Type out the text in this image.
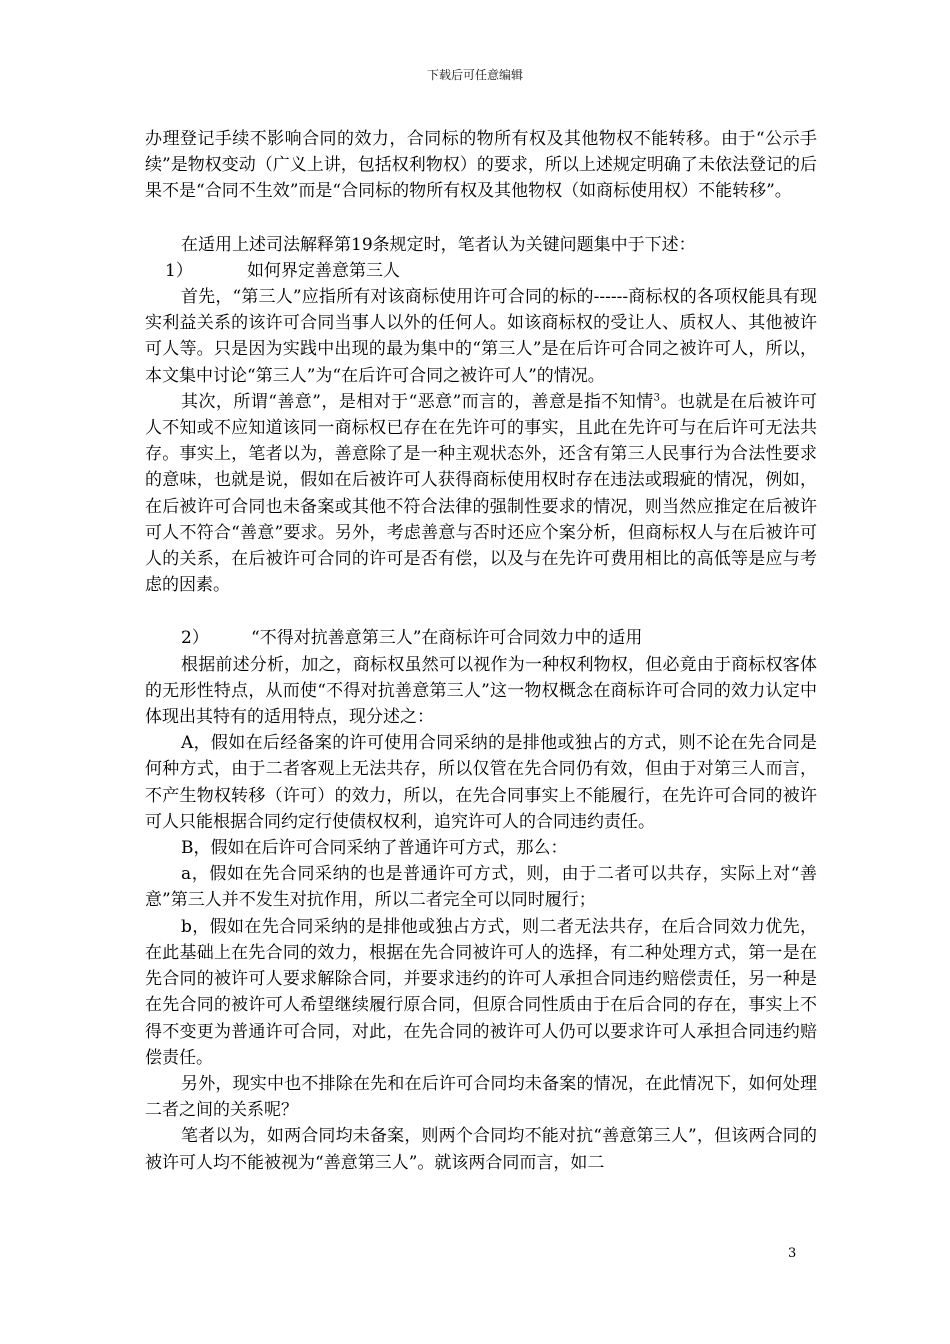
下载后可任意编辑

办理登记手续不影响合同的效力，合同标的物所有权及其他物权不能转移。由于“公示手续”是物权变动（广义上讲，包括权利物权）的要求，所以上述规定明确了未依法登记的后果不是“合同不生效”而是“合同标的物所有权及其他物权（如商标使用权）不能转移”。

在适用上述司法解释第19条规定时，笔者认为关键问题集中于下述：

1）	如何界定善意第三人

首先，“第三人”应指所有对该商标使用许可合同的标的------商标权的各项权能具有现实利益关系的该许可合同当事人以外的任何人。如该商标权的受让人、质权人、其他被许可人等。只是因为实践中出现的最为集中的“第三人”是在后许可合同之被许可人，所以，本文集中讨论“第三人”为“在后许可合同之被许可人”的情况。

其次，所谓“善意”，是相对于“恶意”而言的，善意是指不知情$^3$。也就是在后被许可人不知或不应知道该同一商标权已存在在先许可的事实，且此在先许可与在后许可无法共存。事实上，笔者以为，善意除了是一种主观状态外，还含有第三人民事行为合法性要求的意味，也就是说，假如在后被许可人获得商标使用权时存在违法或瑕疵的情况，例如，在后被许可合同也未备案或其他不符合法律的强制性要求的情况，则当然应推定在后被许可人不符合“善意”要求。另外，考虑善意与否时还应个案分析，但商标权人与在后被许可人的关系，在后被许可合同的许可是否有偿，以及与在先许可费用相比的高低等是应与考虑的因素。

2） “不得对抗善意第三人”在商标许可合同效力中的适用

根据前述分析，加之，商标权虽然可以视作为一种权利物权，但必竟由于商标权客体的无形性特点，从而使“不得对抗善意第三人”这一物权概念在商标许可合同的效力认定中体现出其特有的适用特点，现分述之：

A，假如在后经备案的许可使用合同采纳的是排他或独占的方式，则不论在先合同是何种方式，由于二者客观上无法共存，所以仅管在先合同仍有效，但由于对第三人而言，不产生物权转移（许可）的效力，所以，在先合同事实上不能履行，在先许可合同的被许可人只能根据合同约定行使债权权利，追究许可人的合同违约责任。

B，假如在后许可合同采纳了普通许可方式，那么：

a，假如在先合同采纳的也是普通许可方式，则，由于二者可以共存，实际上对“善意”第三人并不发生对抗作用，所以二者完全可以同时履行；

b，假如在先合同采纳的是排他或独占方式，则二者无法共存，在后合同效力优先，在此基础上在先合同的效力，根据在先合同被许可人的选择，有二种处理方式，第一是在先合同的被许可人要求解除合同，并要求违约的许可人承担合同违约赔偿责任，另一种是在先合同的被许可人希望继续履行原合同，但原合同性质由于在后合同的存在，事实上不得不变更为普通许可合同，对此，在先合同的被许可人仍可以要求许可人承担合同违约赔偿责任。

另外，现实中也不排除在先和在后许可合同均未备案的情况，在此情况下，如何处理二者之间的关系呢？

笔者以为，如两合同均未备案，则两个合同均不能对抗“善意第三人”，但该两合同的被许可人均不能被视为“善意第三人”。就该两合同而言，如二

3
